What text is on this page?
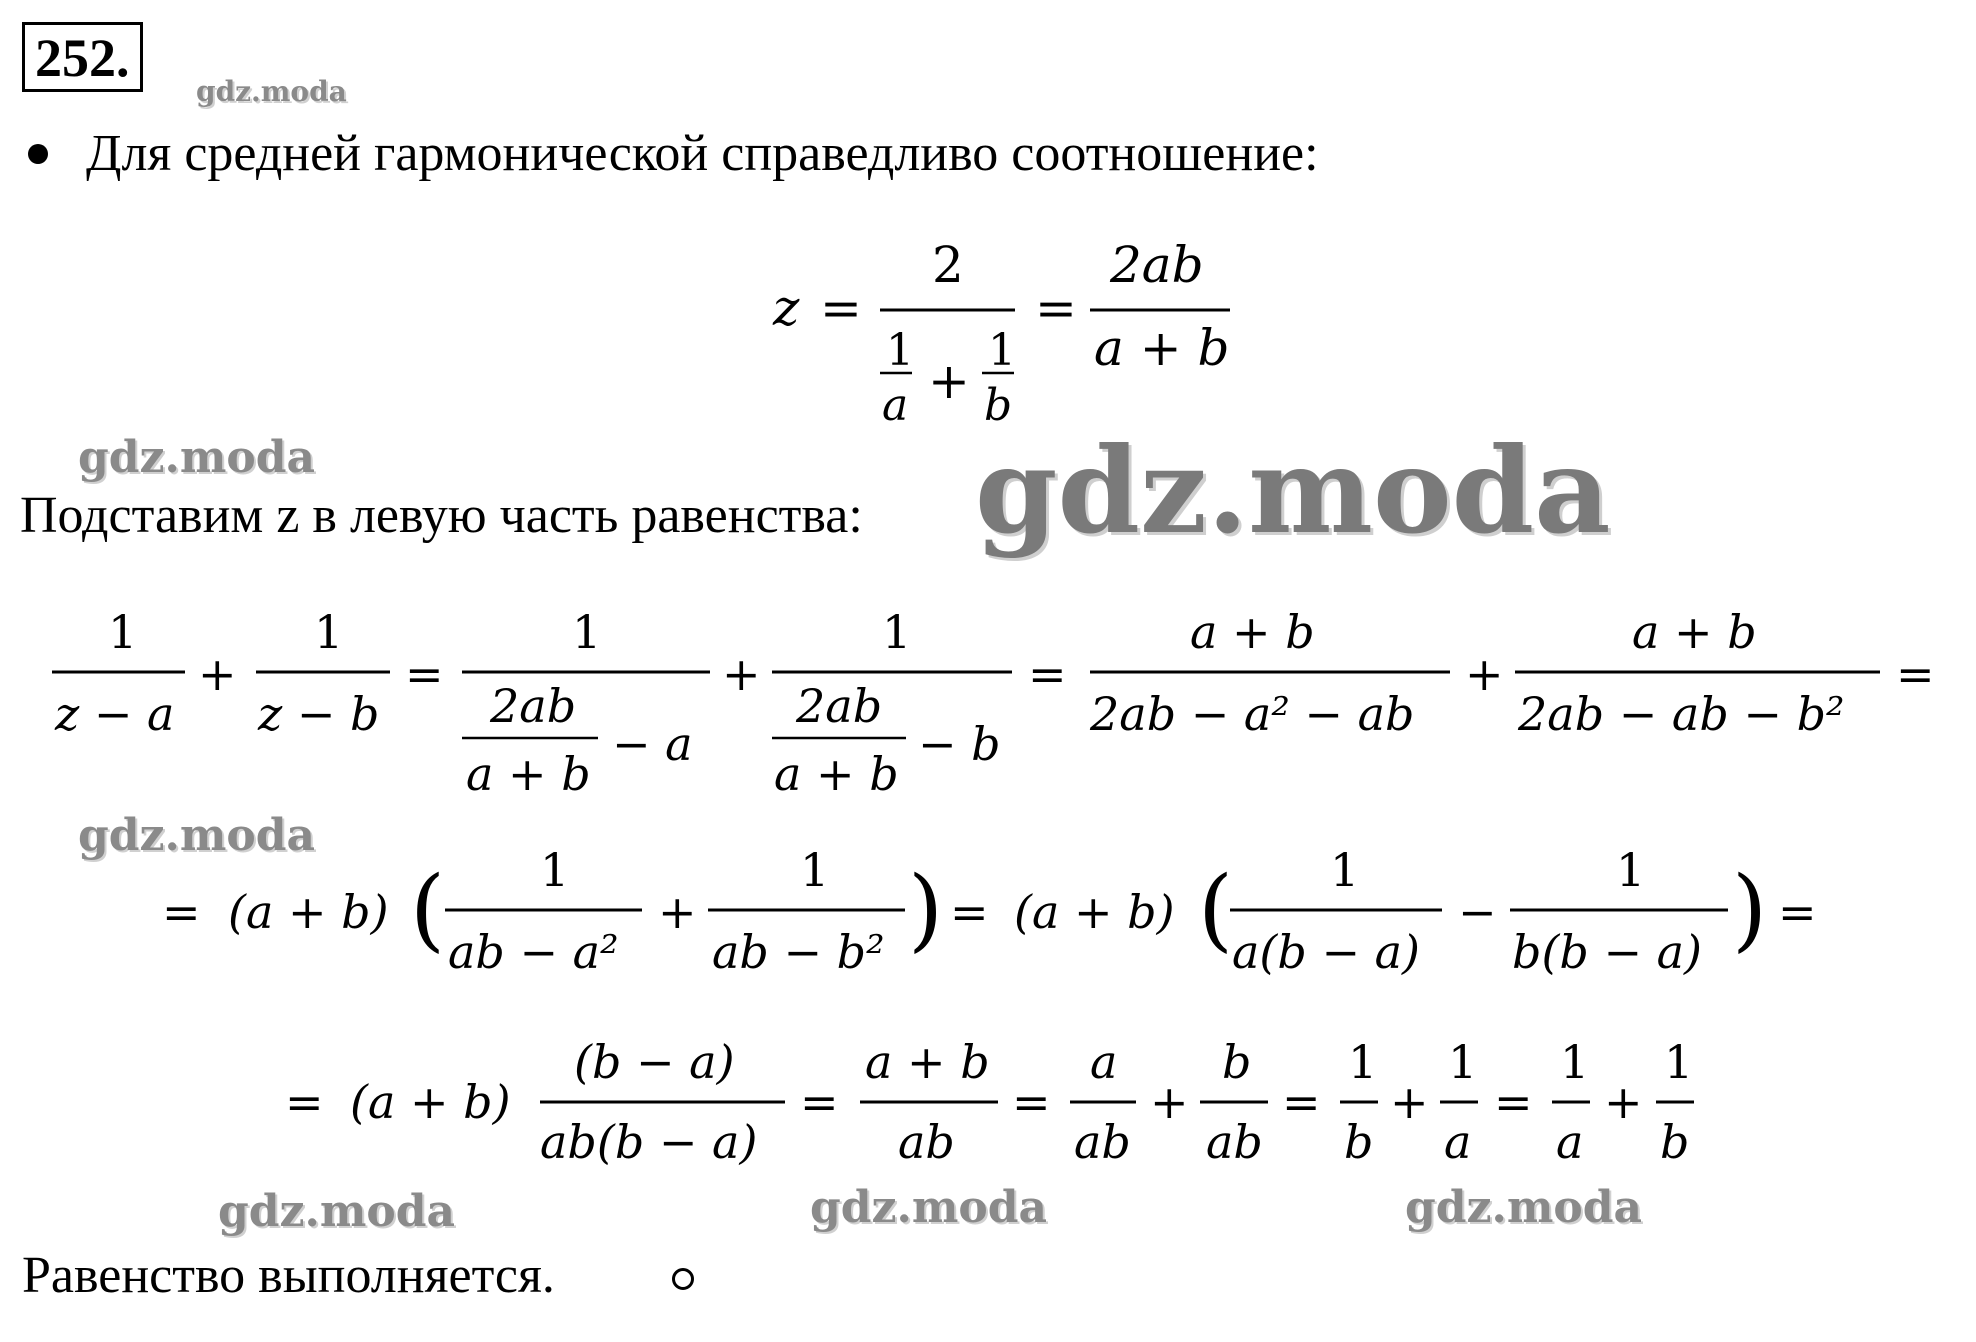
252.
gdz.moda
Для средней гармонической справедливо соотношение:
z =
2
1
a +
1
b
=
2ab
a + b
1
z − a
+
1
z − b
=
1
2ab
a + b
− a
+
1
2ab
a + b
− b
=
a + b
2ab − a² − ab
+
a + b
2ab − ab − b²
=
= (a + b) ( 1
ab − a²
+
1
ab − b² ) = (a + b) ( 1
a(b − a)
−
1
b(b − a) ) =
= (a + b)
(b − a)
ab(b − a)
=
a + b
ab
=
a
ab
+
b
ab
=
1
b
+
1
a
=
1
a
+
1
b
Подставим z в левую часть равенства:
gdz.moda	gdz.moda
gdz.moda
gdz.moda	gdz.moda	gdz.moda
Равенство выполняется.
